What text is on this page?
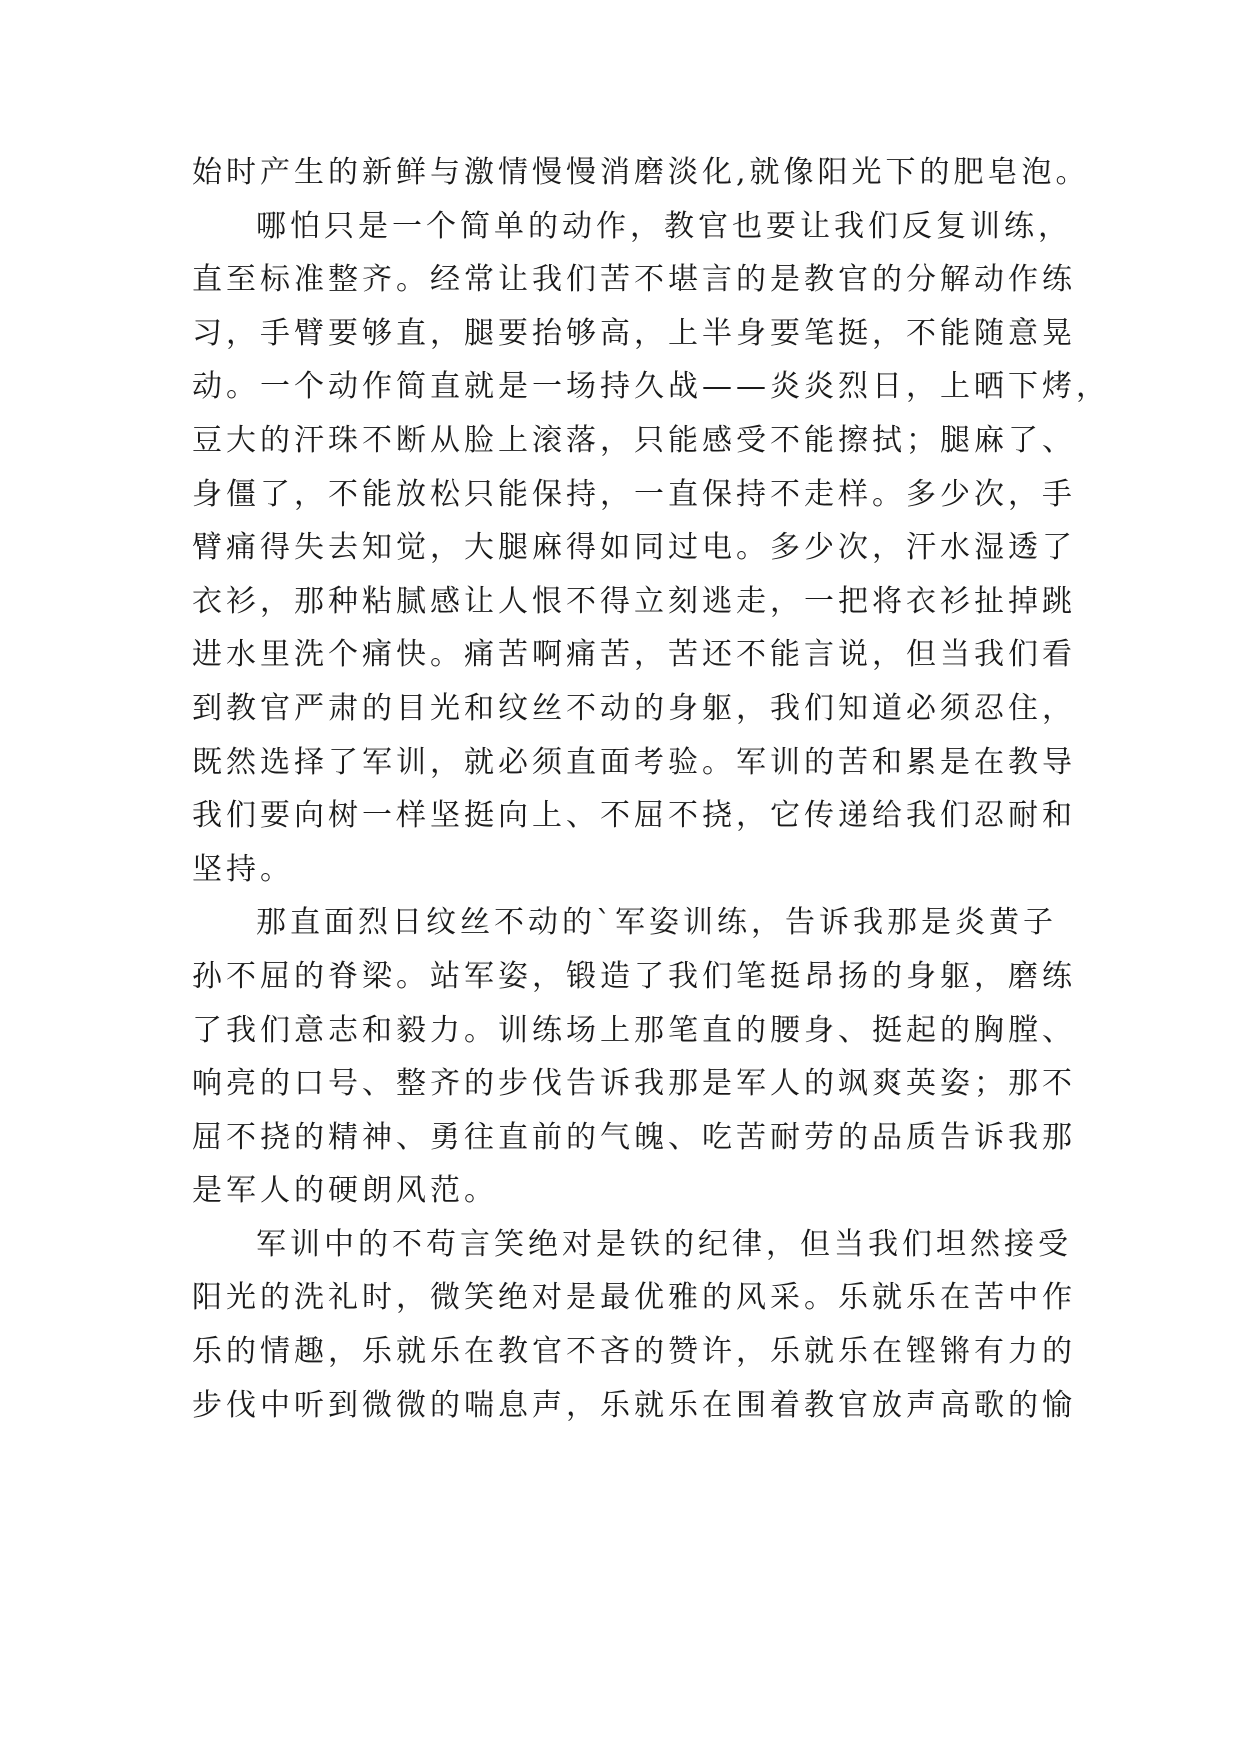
始时产生的新鲜与激情慢慢消磨淡化,就像阳光下的肥皂泡。
哪怕只是一个简单的动作，教官也要让我们反复训练，
直至标准整齐。经常让我们苦不堪言的是教官的分解动作练
习，手臂要够直，腿要抬够高，上半身要笔挺，不能随意晃
动。一个动作简直就是一场持久战——炎炎烈日，上晒下烤，
豆大的汗珠不断从脸上滚落，只能感受不能擦拭；腿麻了、
身僵了，不能放松只能保持，一直保持不走样。多少次，手
臂痛得失去知觉，大腿麻得如同过电。多少次，汗水湿透了
衣衫，那种粘腻感让人恨不得立刻逃走，一把将衣衫扯掉跳
进水里洗个痛快。痛苦啊痛苦，苦还不能言说，但当我们看
到教官严肃的目光和纹丝不动的身躯，我们知道必须忍住，
既然选择了军训，就必须直面考验。军训的苦和累是在教导
我们要向树一样坚挺向上、不屈不挠，它传递给我们忍耐和
坚持。
那直面烈日纹丝不动的`军姿训练，告诉我那是炎黄子
孙不屈的脊梁。站军姿，锻造了我们笔挺昂扬的身躯，磨练
了我们意志和毅力。训练场上那笔直的腰身、挺起的胸膛、
响亮的口号、整齐的步伐告诉我那是军人的飒爽英姿；那不
屈不挠的精神、勇往直前的气魄、吃苦耐劳的品质告诉我那
是军人的硬朗风范。
军训中的不苟言笑绝对是铁的纪律，但当我们坦然接受
阳光的洗礼时，微笑绝对是最优雅的风采。乐就乐在苦中作
乐的情趣，乐就乐在教官不吝的赞许，乐就乐在铿锵有力的
步伐中听到微微的喘息声，乐就乐在围着教官放声高歌的愉
